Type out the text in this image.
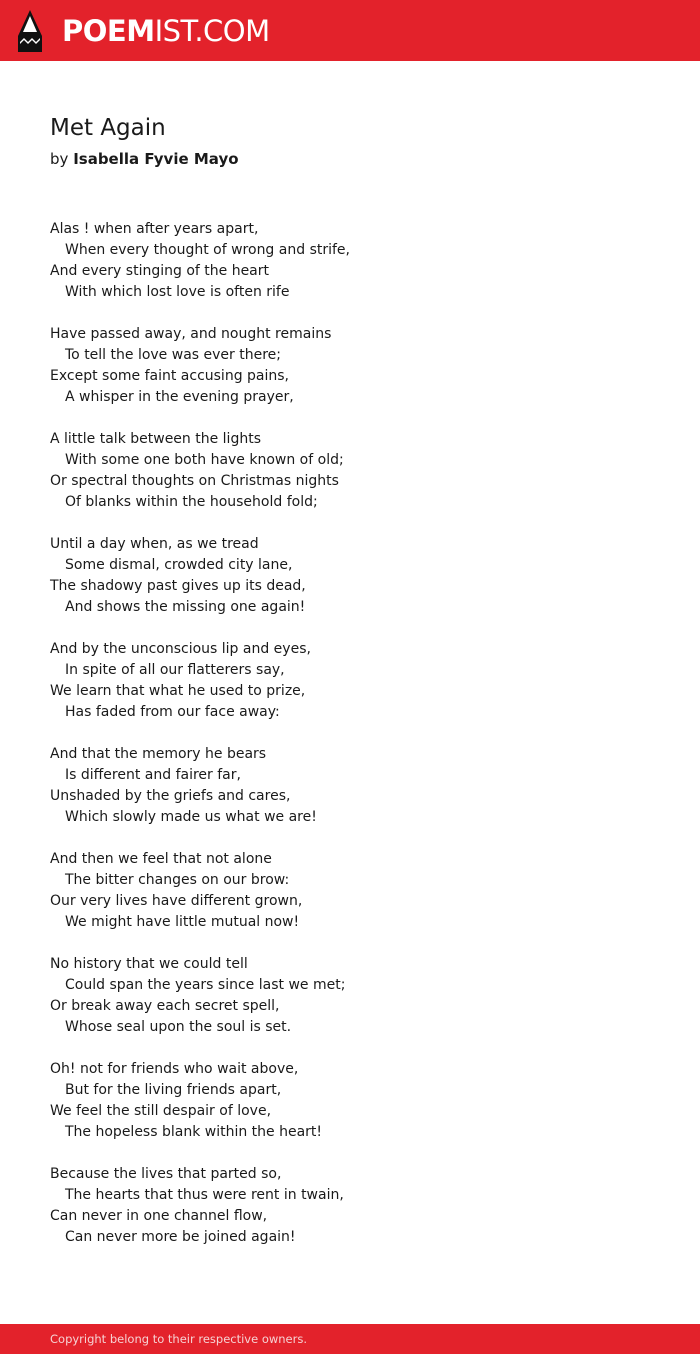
POEMIST.COM
Met Again
by Isabella Fyvie Mayo
Alas ! when after years apart,
When every thought of wrong and strife,
And every stinging of the heart
With which lost love is often rife
Have passed away, and nought remains
To tell the love was ever there;
Except some faint accusing pains,
A whisper in the evening prayer,
A little talk between the lights
With some one both have known of old;
Or spectral thoughts on Christmas nights
Of blanks within the household fold;
Until a day when, as we tread
Some dismal, crowded city lane,
The shadowy past gives up its dead,
And shows the missing one again!
And by the unconscious lip and eyes,
In spite of all our flatterers say,
We learn that what he used to prize,
Has faded from our face away:
And that the memory he bears
Is different and fairer far,
Unshaded by the griefs and cares,
Which slowly made us what we are!
And then we feel that not alone
The bitter changes on our brow:
Our very lives have different grown,
We might have little mutual now!
No history that we could tell
Could span the years since last we met;
Or break away each secret spell,
Whose seal upon the soul is set.
Oh! not for friends who wait above,
But for the living friends apart,
We feel the still despair of love,
The hopeless blank within the heart!
Because the lives that parted so,
The hearts that thus were rent in twain,
Can never in one channel flow,
Can never more be joined again!
Copyright belong to their respective owners.
